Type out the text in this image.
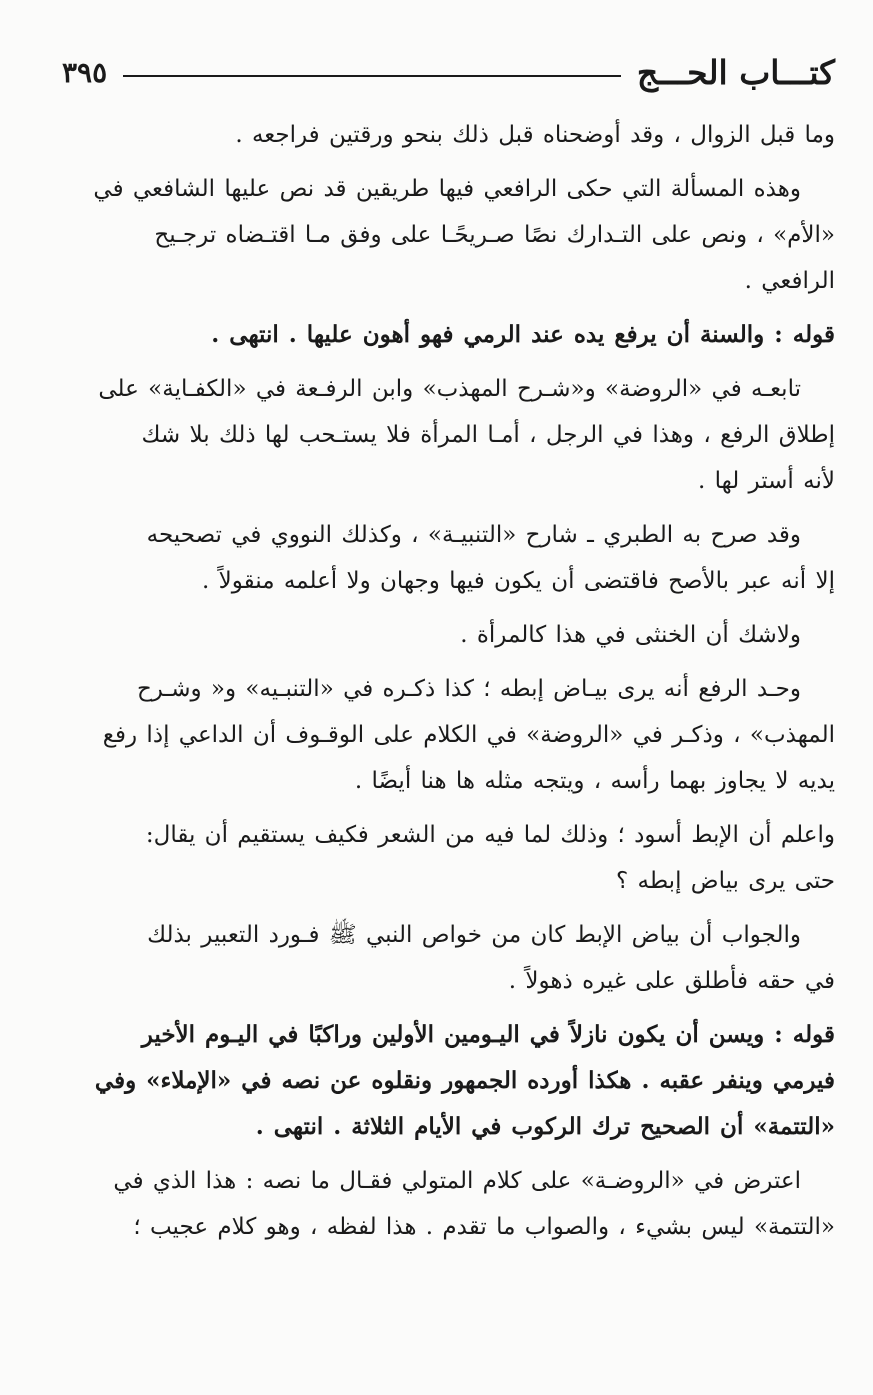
كتـــاب الحـــج
٣٩٥
وما قبل الزوال ، وقد أوضحناه قبل ذلك بنحو ورقتين فراجعه .
وهذه المسألة التي حكى الرافعي فيها طريقين قد نص عليها الشافعي في
«الأم» ، ونص على التـدارك نصًا صـريحًـا على وفق مـا اقتـضاه ترجـيح
الرافعي .
قوله : والسنة أن يرفع يده عند الرمي فهو أهون عليها . انتهى .
تابعـه في «الروضة» و«شـرح المهذب» وابن الرفـعة في «الكفـاية» على
إطلاق الرفع ، وهذا في الرجل ، أمـا المرأة فلا يستـحب لها ذلك بلا شك
لأنه أستر لها .
وقد صرح به الطبري ـ شارح «التنبيـة» ، وكذلك النووي في تصحيحه
إلا أنه عبر بالأصح فاقتضى أن يكون فيها وجهان ولا أعلمه منقولاً .
ولاشك أن الخنثى في هذا كالمرأة .
وحـد الرفع أنه يرى بيـاض إبطه ؛ كذا ذكـره في «التنبـيه» و« وشـرح
المهذب» ، وذكـر في «الروضة» في الكلام على الوقـوف أن الداعي إذا رفع
يديه لا يجاوز بهما رأسه ، ويتجه مثله ها هنا أيضًا .
واعلم أن الإبط أسود ؛ وذلك لما فيه من الشعر فكيف يستقيم أن يقال:
حتى يرى بياض إبطه ؟
والجواب أن بياض الإبط كان من خواص النبي ﷺ فـورد التعبير بذلك
في حقه فأطلق على غيره ذهولاً .
قوله : ويسن أن يكون نازلاً في اليـومين الأولين وراكبًا في اليـوم الأخير
فيرمي وينفر عقبه . هكذا أورده الجمهور ونقلوه عن نصه في «الإملاء» وفي
«التتمة» أن الصحيح ترك الركوب في الأيام الثلاثة . انتهى .
اعترض في «الروضـة» على كلام المتولي فقـال ما نصه : هذا الذي في
«التتمة» ليس بشيء ، والصواب ما تقدم . هذا لفظه ، وهو كلام عجيب ؛
